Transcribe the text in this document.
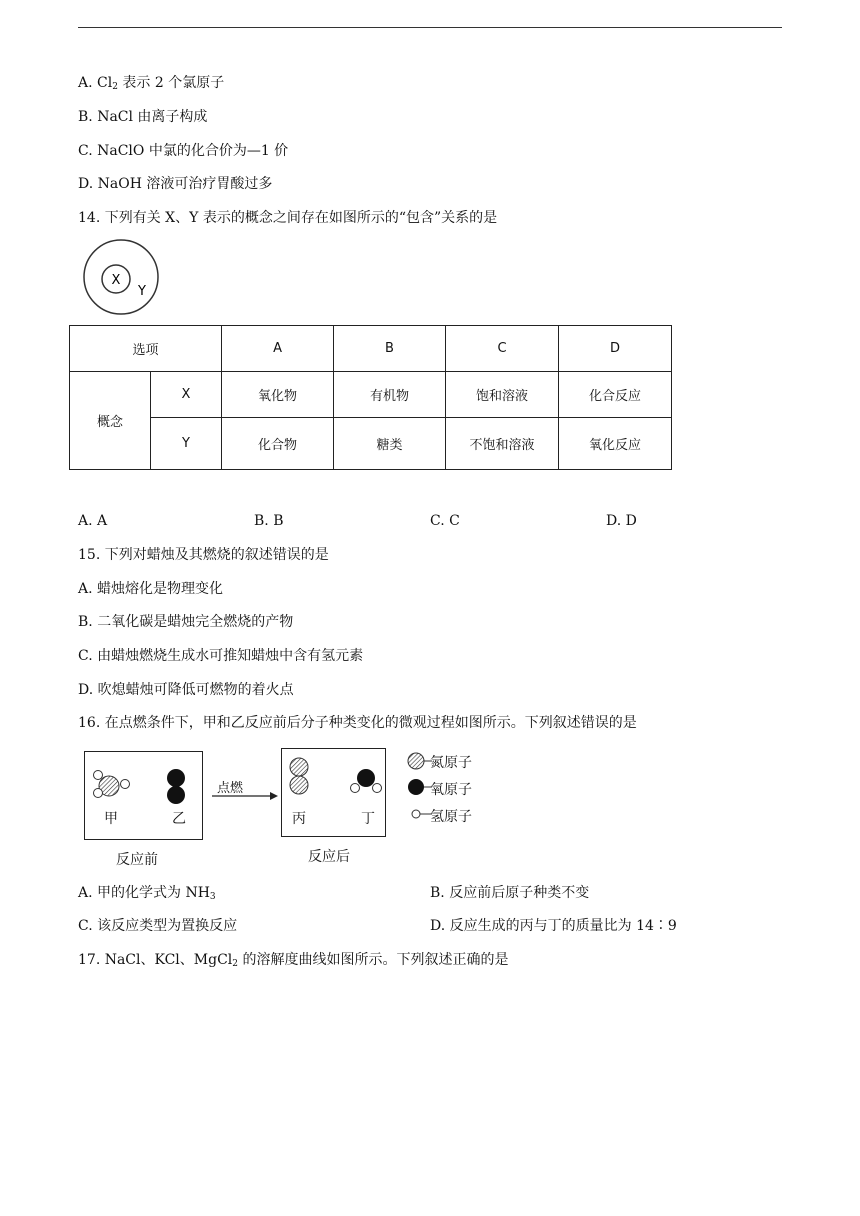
A. $Cl_2$ 表示 2 个氯原子
B. NaCl 由离子构成
C. NaClO 中氯的化合价为—1 价
D. NaOH 溶液可治疗胃酸过多
14. 下列有关 X、Y 表示的概念之间存在如图所示的“包含”关系的是
X
Y
选项		A	B	C	D
概念	X	氧化物	有机物	饱和溶液	化合反应
	Y	化合物	糖类	不饱和溶液	氧化反应
A. A	B. B	C. C	D. D
15. 下列对蜡烛及其燃烧的叙述错误的是
A. 蜡烛熔化是物理变化
B. 二氧化碳是蜡烛完全燃烧的产物
C. 由蜡烛燃烧生成水可推知蜡烛中含有氢元素
D. 吹熄蜡烛可降低可燃物的着火点
16. 在点燃条件下，甲和乙反应前后分子种类变化的微观过程如图所示。下列叙述错误的是
甲	乙
反应前
点燃
丙	丁
反应后
氮原子
氧原子
氢原子
A. 甲的化学式为 $NH_3$	B. 反应前后原子种类不变
C. 该反应类型为置换反应	D. 反应生成的丙与丁的质量比为 14∶9
17. NaCl、KCl、MgCl$_2$ 的溶解度曲线如图所示。下列叙述正确的是
